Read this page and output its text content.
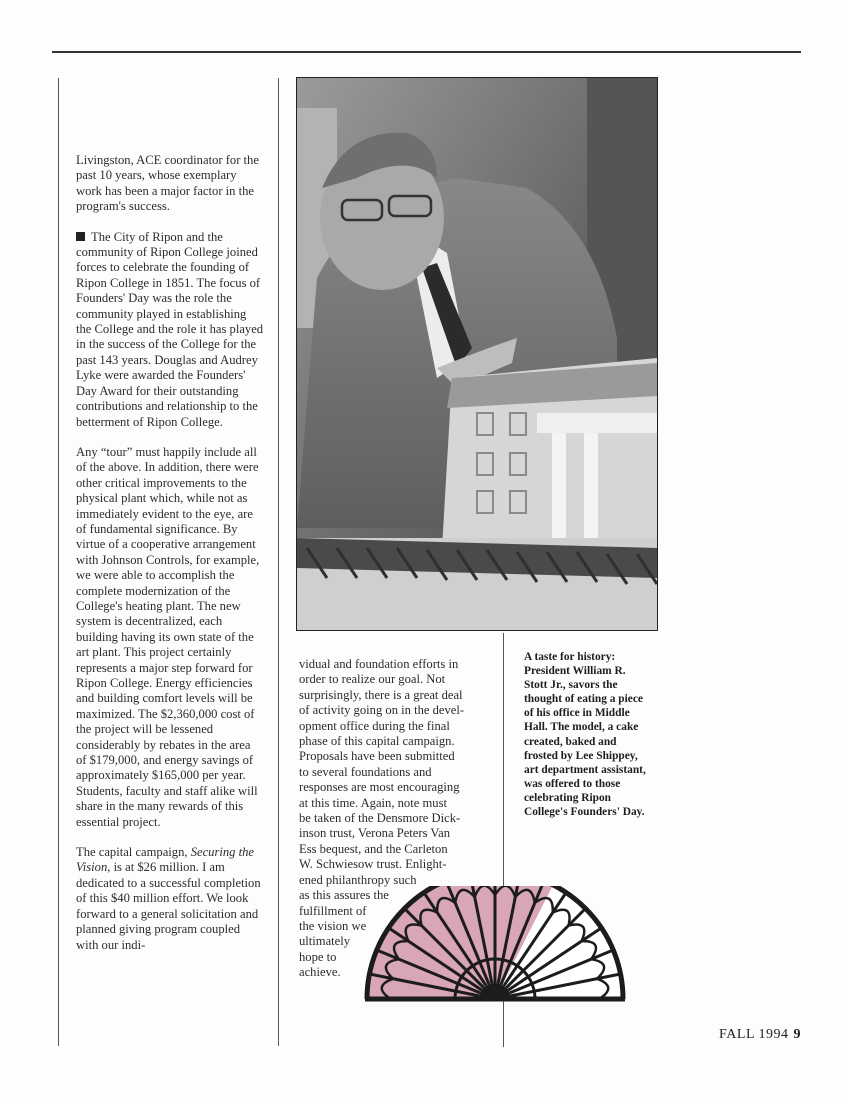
Livingston, ACE coordinator for the past 10 years, whose exemplary work has been a major factor in the program's success.

The City of Ripon and the community of Ripon College joined forces to celebrate the founding of Ripon College in 1851. The focus of Founders' Day was the role the community played in establishing the College and the role it has played in the success of the College for the past 143 years. Douglas and Audrey Lyke were awarded the Founders' Day Award for their outstanding contributions and relationship to the betterment of Ripon College.

Any “tour” must happily include all of the above. In addition, there were other critical improvements to the physical plant which, while not as immediately evident to the eye, are of fundamental significance. By virtue of a cooperative arrangement with Johnson Controls, for example, we were able to accomplish the complete modernization of the College's heating plant. The new system is decentralized, each building having its own state of the art plant. This project certainly represents a major step forward for Ripon College. Energy efficiencies and building comfort levels will be maximized. The $2,360,000 cost of the project will be lessened considerably by rebates in the area of $179,000, and energy savings of approximately $165,000 per year. Students, faculty and staff alike will share in the many rewards of this essential project.

The capital campaign, Securing the Vision, is at $26 million. I am dedicated to a successful completion of this $40 million effort. We look forward to a general solicitation and planned giving program coupled with our indi-

vidual and foundation efforts in
order to realize our goal. Not
surprisingly, there is a great deal
of activity going on in the devel-
opment office during the final
phase of this capital campaign.
Proposals have been submitted
to several foundations and
responses are most encouraging
at this time. Again, note must
be taken of the Densmore Dick-
inson trust, Verona Peters Van
Ess bequest, and the Carleton
W. Schwiesow trust. Enlight-
ened philanthropy such
as this assures the
fulfillment of
the vision we
ultimately
hope to
achieve.
A taste for history: President William R. Stott Jr., savors the thought of eating a piece of his office in Middle Hall. The model, a cake created, baked and frosted by Lee Shippey, art department assistant, was offered to those celebrating Ripon College's Founders' Day.
FALL 1994 9
